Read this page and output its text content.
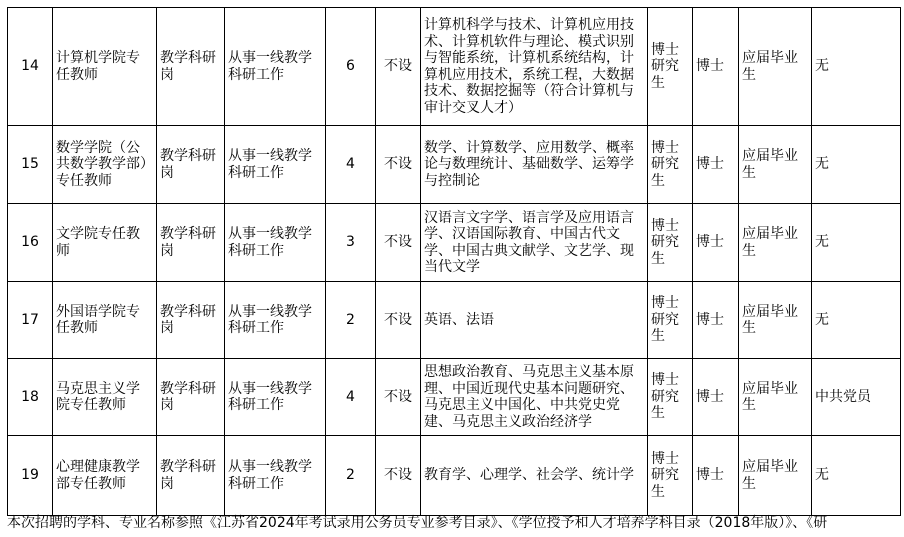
14	计算机学院专任教师	教学科研岗	从事一线教学科研工作	6	不设	计算机科学与技术、计算机应用技术、计算机软件与理论、模式识别与智能系统，计算机系统结构，计算机应用技术，系统工程，大数据技术、数据挖掘等（符合计算机与审计交叉人才）	博士研究生	博士	应届毕业生	无
15	数学学院（公共数学教学部）专任教师	教学科研岗	从事一线教学科研工作	4	不设	数学、计算数学、应用数学、概率论与数理统计、基础数学、运筹学与控制论	博士研究生	博士	应届毕业生	无
16	文学院专任教师	教学科研岗	从事一线教学科研工作	3	不设	汉语言文字学、语言学及应用语言学、汉语国际教育、中国古代文学、中国古典文献学、文艺学、现当代文学	博士研究生	博士	应届毕业生	无
17	外国语学院专任教师	教学科研岗	从事一线教学科研工作	2	不设	英语、法语	博士研究生	博士	应届毕业生	无
18	马克思主义学院专任教师	教学科研岗	从事一线教学科研工作	4	不设	思想政治教育、马克思主义基本原理、中国近现代史基本问题研究、马克思主义中国化、中共党史党建、马克思主义政治经济学	博士研究生	博士	应届毕业生	中共党员
19	心理健康教学部专任教师	教学科研岗	从事一线教学科研工作	2	不设	教育学、心理学、社会学、统计学	博士研究生	博士	应届毕业生	无
本次招聘的学科、专业名称参照《江苏省2024年考试录用公务员专业参考目录》、《学位授予和人才培养学科目录（2018年版）》、《研
